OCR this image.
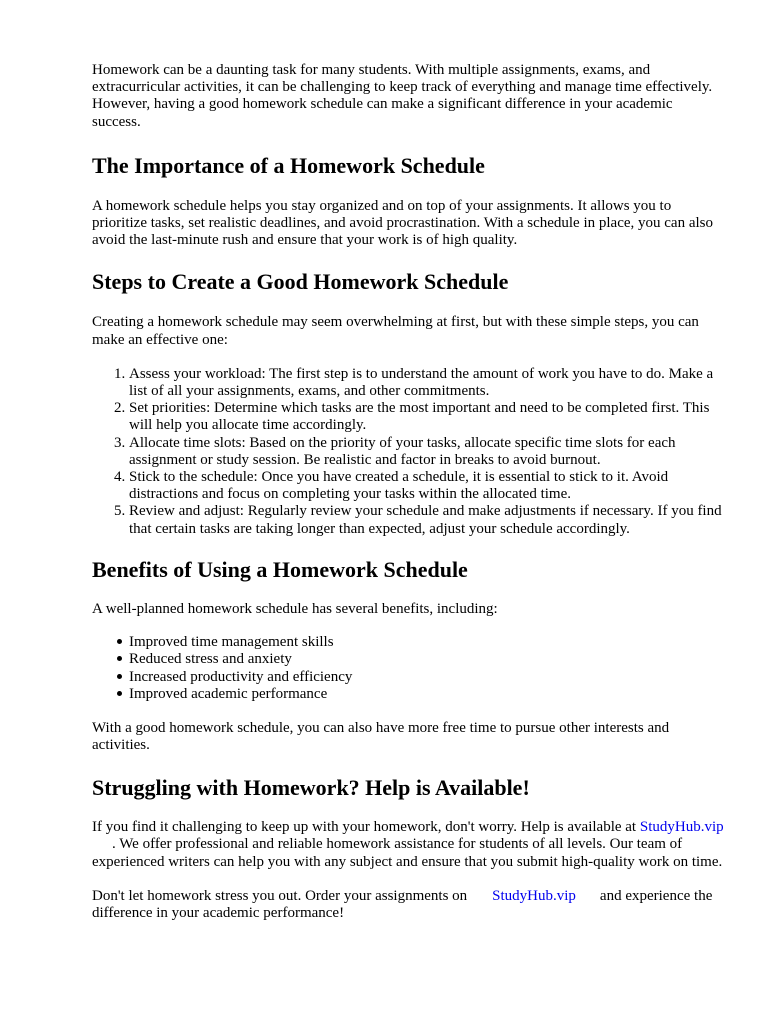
Homework can be a daunting task for many students. With multiple assignments, exams, and extracurricular activities, it can be challenging to keep track of everything and manage time effectively. However, having a good homework schedule can make a significant difference in your academic success.

The Importance of a Homework Schedule

A homework schedule helps you stay organized and on top of your assignments. It allows you to prioritize tasks, set realistic deadlines, and avoid procrastination. With a schedule in place, you can also avoid the last-minute rush and ensure that your work is of high quality.

Steps to Create a Good Homework Schedule

Creating a homework schedule may seem overwhelming at first, but with these simple steps, you can make an effective one:

1. Assess your workload: The first step is to understand the amount of work you have to do. Make a list of all your assignments, exams, and other commitments.
2. Set priorities: Determine which tasks are the most important and need to be completed first. This will help you allocate time accordingly.
3. Allocate time slots: Based on the priority of your tasks, allocate specific time slots for each assignment or study session. Be realistic and factor in breaks to avoid burnout.
4. Stick to the schedule: Once you have created a schedule, it is essential to stick to it. Avoid distractions and focus on completing your tasks within the allocated time.
5. Review and adjust: Regularly review your schedule and make adjustments if necessary. If you find that certain tasks are taking longer than expected, adjust your schedule accordingly.
Benefits of Using a Homework Schedule

A well-planned homework schedule has several benefits, including:

Improved time management skills
Reduced stress and anxiety
Increased productivity and efficiency
Improved academic performance

With a good homework schedule, you can also have more free time to pursue other interests and activities.

Struggling with Homework? Help is Available!

If you find it challenging to keep up with your homework, don't worry. Help is available at StudyHub.vip. We offer professional and reliable homework assistance for students of all levels. Our team of experienced writers can help you with any subject and ensure that you submit high-quality work on time.

Don't let homework stress you out. Order your assignments on StudyHub.vip and experience the difference in your academic performance!
